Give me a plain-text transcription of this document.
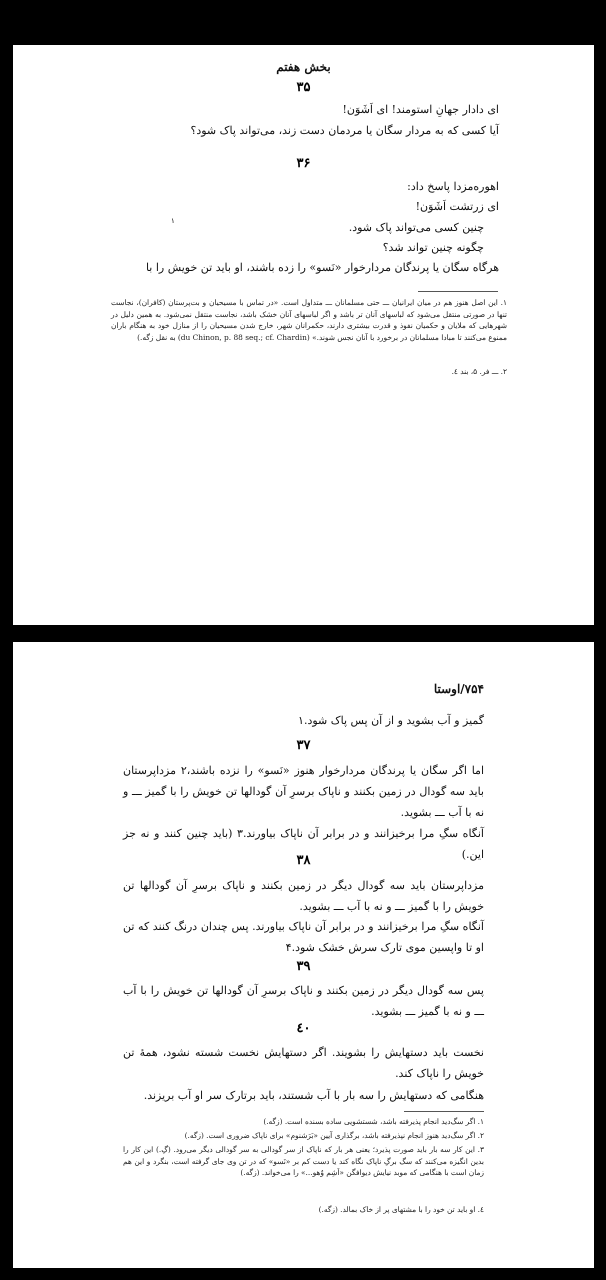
بخش هفتم
۳۵
ای دادار جهانِ استومند! ای اَشَوَن!
آیا کسی که به مردار سگان یا مردمان دست زند، می‌تواند پاک شود؟
۳۶
اهوره‌مزدا پاسخ داد:
ای زرتشت اَشَوَن!
چنین کسی می‌تواند پاک شود.
۱
چگونه چنین تواند شد؟
هرگاه سگان یا پرندگان مردارخوار «نَسو» را زده باشند، او باید تن خویش را با
۱. این اصل هنوز هم در میان ایرانیان ـــ حتی مسلمانان ـــ متداول است. «در تماس با مسیحیان و بت‌پرستان (کافران)، نجاست تنها در صورتی منتقل می‌شود که لباسهای آنان تر باشد و اگر لباسهای آنان خشک باشد، نجاست منتقل نمی‌شود. به همین دلیل در شهرهایی که ملایان و حکمیان نفوذ و قدرت بیشتری دارند، حکمرانان شهر، خارج شدن مسیحیان را از منازل خود به هنگام باران ممنوع می‌کنند تا مبادا مسلمانان در برخورد با آنان نجس شوند.» (du Chinon, p. 88 seq.; cf. Chardin) به نقل زگه.)
۲. ـــ فر. ۵، بند ٤.
۷۵۴/اوستا
گمیز و آب بشوید و از آن پس پاک شود.۱
۳۷
اما اگر سگان یا پرندگان مردارخوار هنوز «نَسو» را نزده باشند،۲ مزداپرستان باید سه گودال در زمین بکنند و ناپاک برسرِ آن گودالها تن خویش را با گمیز ـــ و نه با آب ـــ بشوید.
آنگاه سگِ مرا برخیزانند و در برابر آن ناپاک بیاورند.۳ (باید چنین کنند و نه جز این.)
۳۸
مزداپرستان باید سه گودال دیگر در زمین بکنند و ناپاک برسرِ آن گودالها تن خویش را با گمیز ـــ و نه با آب ـــ بشوید.
آنگاه سگِ مرا برخیزانند و در برابر آن ناپاک بیاورند. پس چندان درنگ کنند که تن او تا واپسین موی تارک سرش خشک شود.۴
۳۹
پس سه گودال دیگر در زمین بکنند و ناپاک برسرِ آن گودالها تن خویش را با آب ـــ و نه با گمیز ـــ بشوید.
٤۰
نخست باید دستهایش را بشویند. اگر دستهایش نخست شسته نشود، همهٔ تن خویش را ناپاک کند.
هنگامی که دستهایش را سه بار با آب شستند، باید برتارک سر او آب بریزند.
۱. اگر سگ‌دید انجام پذیرفته باشد، شستشویی ساده بسنده است. (زگه.)
۲. اگر سگ‌دید هنوز انجام نپذیرفته باشد، برگذاری آیین «بَرَشنوم» برای ناپاک ضروری است. (زگه.)
۳. این کار سه بار باید صورت پذیرد؛ یعنی هر بار که ناپاک از سر گودالی به سر گودالی دیگر می‌رود. (گِ.) این کار را بدین انگیزه می‌کنند که سگ برگِ ناپاک نگاه کند یا دست کم بر «نَسو» که در تن وی جای گرفته است، بنگرد و این هم زمان است با هنگامی که موبد نیایش دیوافگن «اَشِم وُهو...» را می‌خواند. (زگه.)
٤. او باید تن خود را با مشتهای پر از خاک بمالد. (زگه.)
